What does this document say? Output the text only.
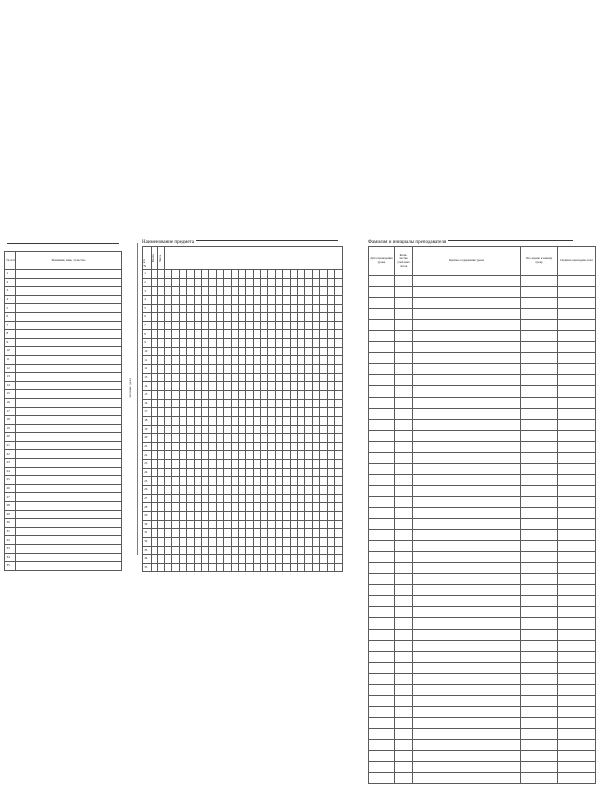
№ п/п	Фамилия, имя, отчество
1	
2	
3	
4	
5	
6	
7	
8	
9	
10	
11	
12	
13	
14	
15	
16	
17	
18	
19	
20	
21	
22	
23	
24	
25	
26	
27	
28	
29	
30	
31	
32	
33	
34	
35	
личные дела
Наименование предмета
№ п/п	Месяц	Числа																								
1																										
2																										
3																										
4																										
5																										
6																										
7																										
8																										
9																										
10																										
11																										
12																										
13																										
14																										
15																										
16																										
17																										
18																										
19																										
20																										
21																										
22																										
23																										
24																										
25																										
26																										
27																										
28																										
29																										
30																										
31																										
32																										
33																										
34																										
35																										
Фамилия и инициалы преподавателя
Дата проведения урока	Коли-чество учеб-ных часов	Краткое содержание урока	Что задано к какому сроку	Подпись преподава-теля
